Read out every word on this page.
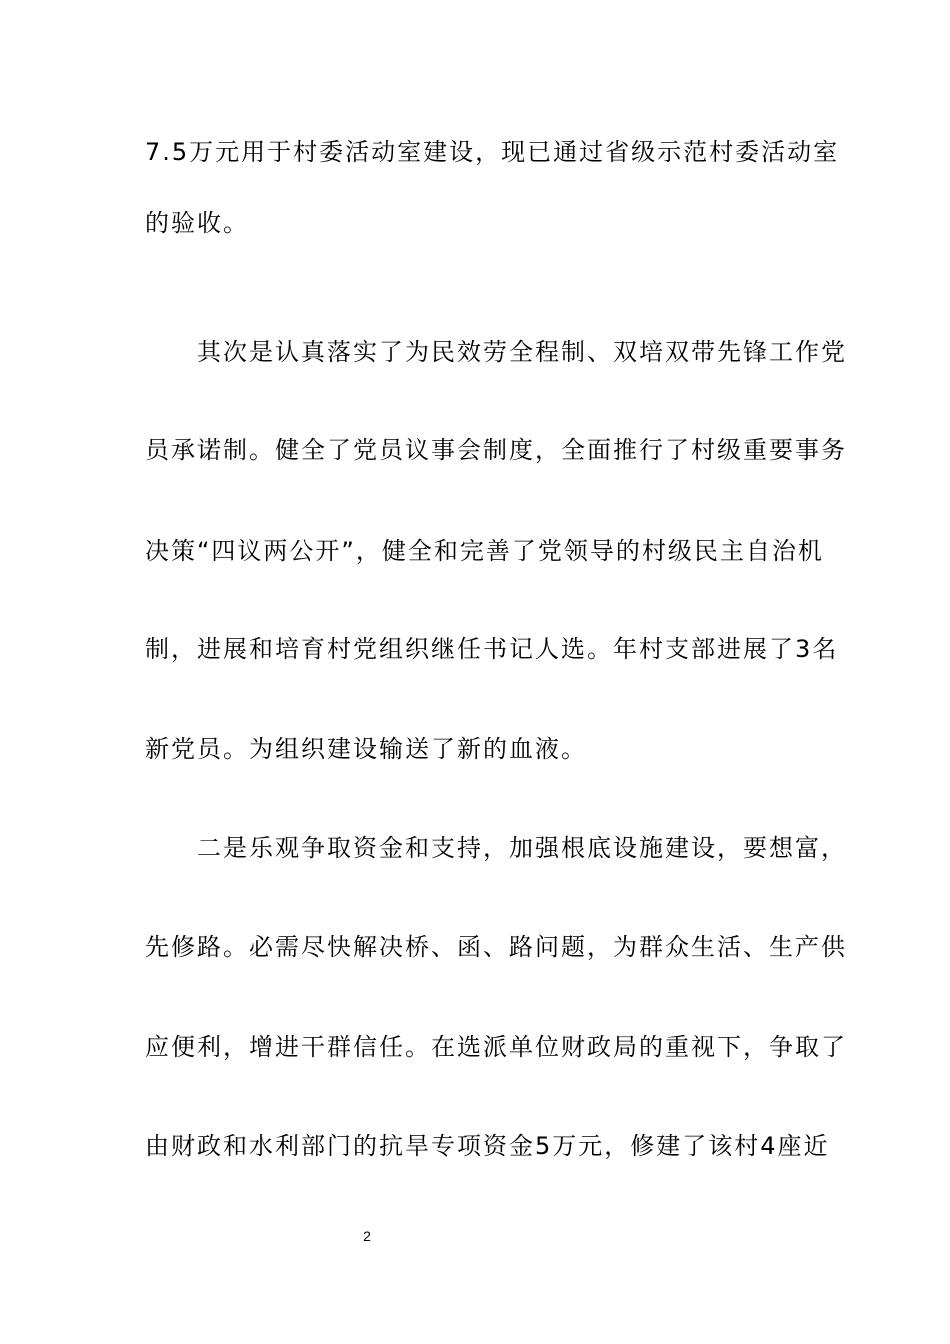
7.5万元用于村委活动室建设，现已通过省级示范村委活动室
的验收。
　　其次是认真落实了为民效劳全程制、双培双带先锋工作党
员承诺制。健全了党员议事会制度，全面推行了村级重要事务
决策“四议两公开”，健全和完善了党领导的村级民主自治机
制，进展和培育村党组织继任书记人选。年村支部进展了3名
新党员。为组织建设输送了新的血液。
　　二是乐观争取资金和支持，加强根底设施建设，要想富，
先修路。必需尽快解决桥、函、路问题，为群众生活、生产供
应便利，增进干群信任。在选派单位财政局的重视下，争取了
由财政和水利部门的抗旱专项资金5万元，修建了该村4座近
2
